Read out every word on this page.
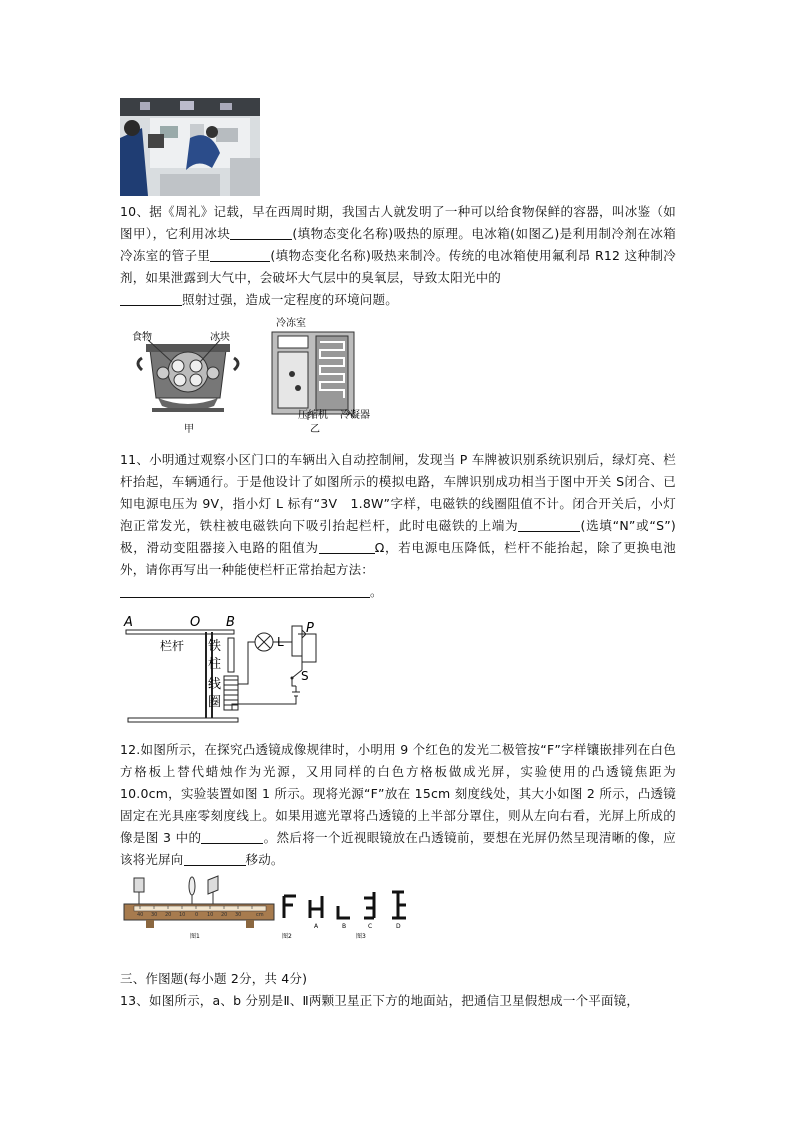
10、据《周礼》记载，早在西周时期，我国古人就发明了一种可以给食物保鲜的容器，叫冰鉴（如图甲），它利用冰块	(填物态变化名称)吸热的原理。电冰箱(如图乙)是利用制冷剂在冰箱冷冻室的管子里	(填物态变化名称)吸热来制冷。传统的电冰箱使用氟利昂 R12 这种制冷剂，如果泄露到大气中，会破坏大气层中的臭氧层，导致太阳光中的
照射过强，造成一定程度的环境问题。
食物	冰块
甲
冷冻室
压缩机 冷凝器
乙
11、小明通过观察小区门口的车辆出入自动控制闸，发现当 P 车牌被识别系统识别后，绿灯亮、栏杆抬起，车辆通行。于是他设计了如图所示的模拟电路，车牌识别成功相当于图中开关 S闭合、已知电源电压为 9V，指小灯 L 标有“3V　1.8W”字样，电磁铁的线圈阻值不计。闭合开关后，小灯泡正常发光，铁柱被电磁铁向下吸引抬起栏杆，此时电磁铁的上端为	(选填“N”或“S”)极，滑动变阻器接入电路的阻值为	Ω，若电源电压降低，栏杆不能抬起，除了更换电池外，请你再写出一种能使栏杆正常抬起方法：
。
A	O B	P
L
S
栏杆 铁
柱
线
圈
12.如图所示，在探究凸透镜成像规律时，小明用 9 个红色的发光二极管按“F”字样镶嵌排列在白色方格板上替代蜡烛作为光源，又用同样的白色方格板做成光屏，实验使用的凸透镜焦距为 10.0cm，实验装置如图 1 所示。现将光源“F”放在 15cm 刻度线处，其大小如图 2 所示，凸透镜固定在光具座零刻度线上。如果用遮光罩将凸透镜的上半部分罩住，则从左向右看，光屏上所成的像是图 3 中的	。然后将一个近视眼镜放在凸透镜前，要想在光屏仍然呈现清晰的像，应该将光屏向	移动。
40 30 20 10 0 10 20 30	cm
图1	图2
A	B	C	D
图3
三、作图题(每小题 2分，共 4分)
13、如图所示，a、b 分别是Ⅱ、Ⅱ两颗卫星正下方的地面站，把通信卫星假想成一个平面镜，
